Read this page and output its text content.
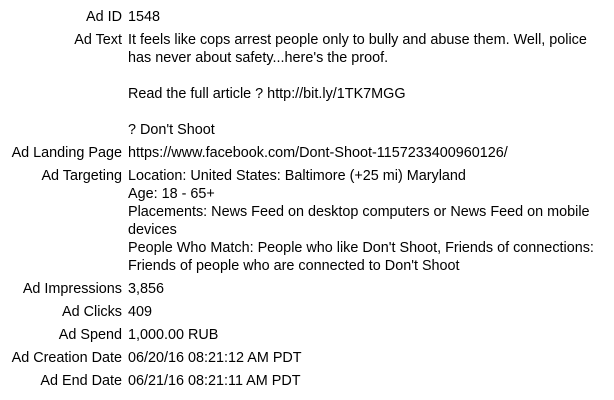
Ad ID	1548
Ad Text	It feels like cops arrest people only to bully and abuse them. Well, police has never about safety...here's the proof.
Read the full article ? http://bit.ly/1TK7MGG
? Don't Shoot

Ad Landing Page	https://www.facebook.com/Dont-Shoot-1157233400960126/
Ad Targeting	Location: United States: Baltimore (+25 mi) Maryland
Age: 18 - 65+
Placements: News Feed on desktop computers or News Feed on mobile devices
People Who Match: People who like Don't Shoot, Friends of connections: Friends of people who are connected to Don't Shoot

Ad Impressions	3,856
Ad Clicks	409
Ad Spend	1,000.00 RUB
Ad Creation Date	06/20/16 08:21:12 AM PDT
Ad End Date	06/21/16 08:21:11 AM PDT
